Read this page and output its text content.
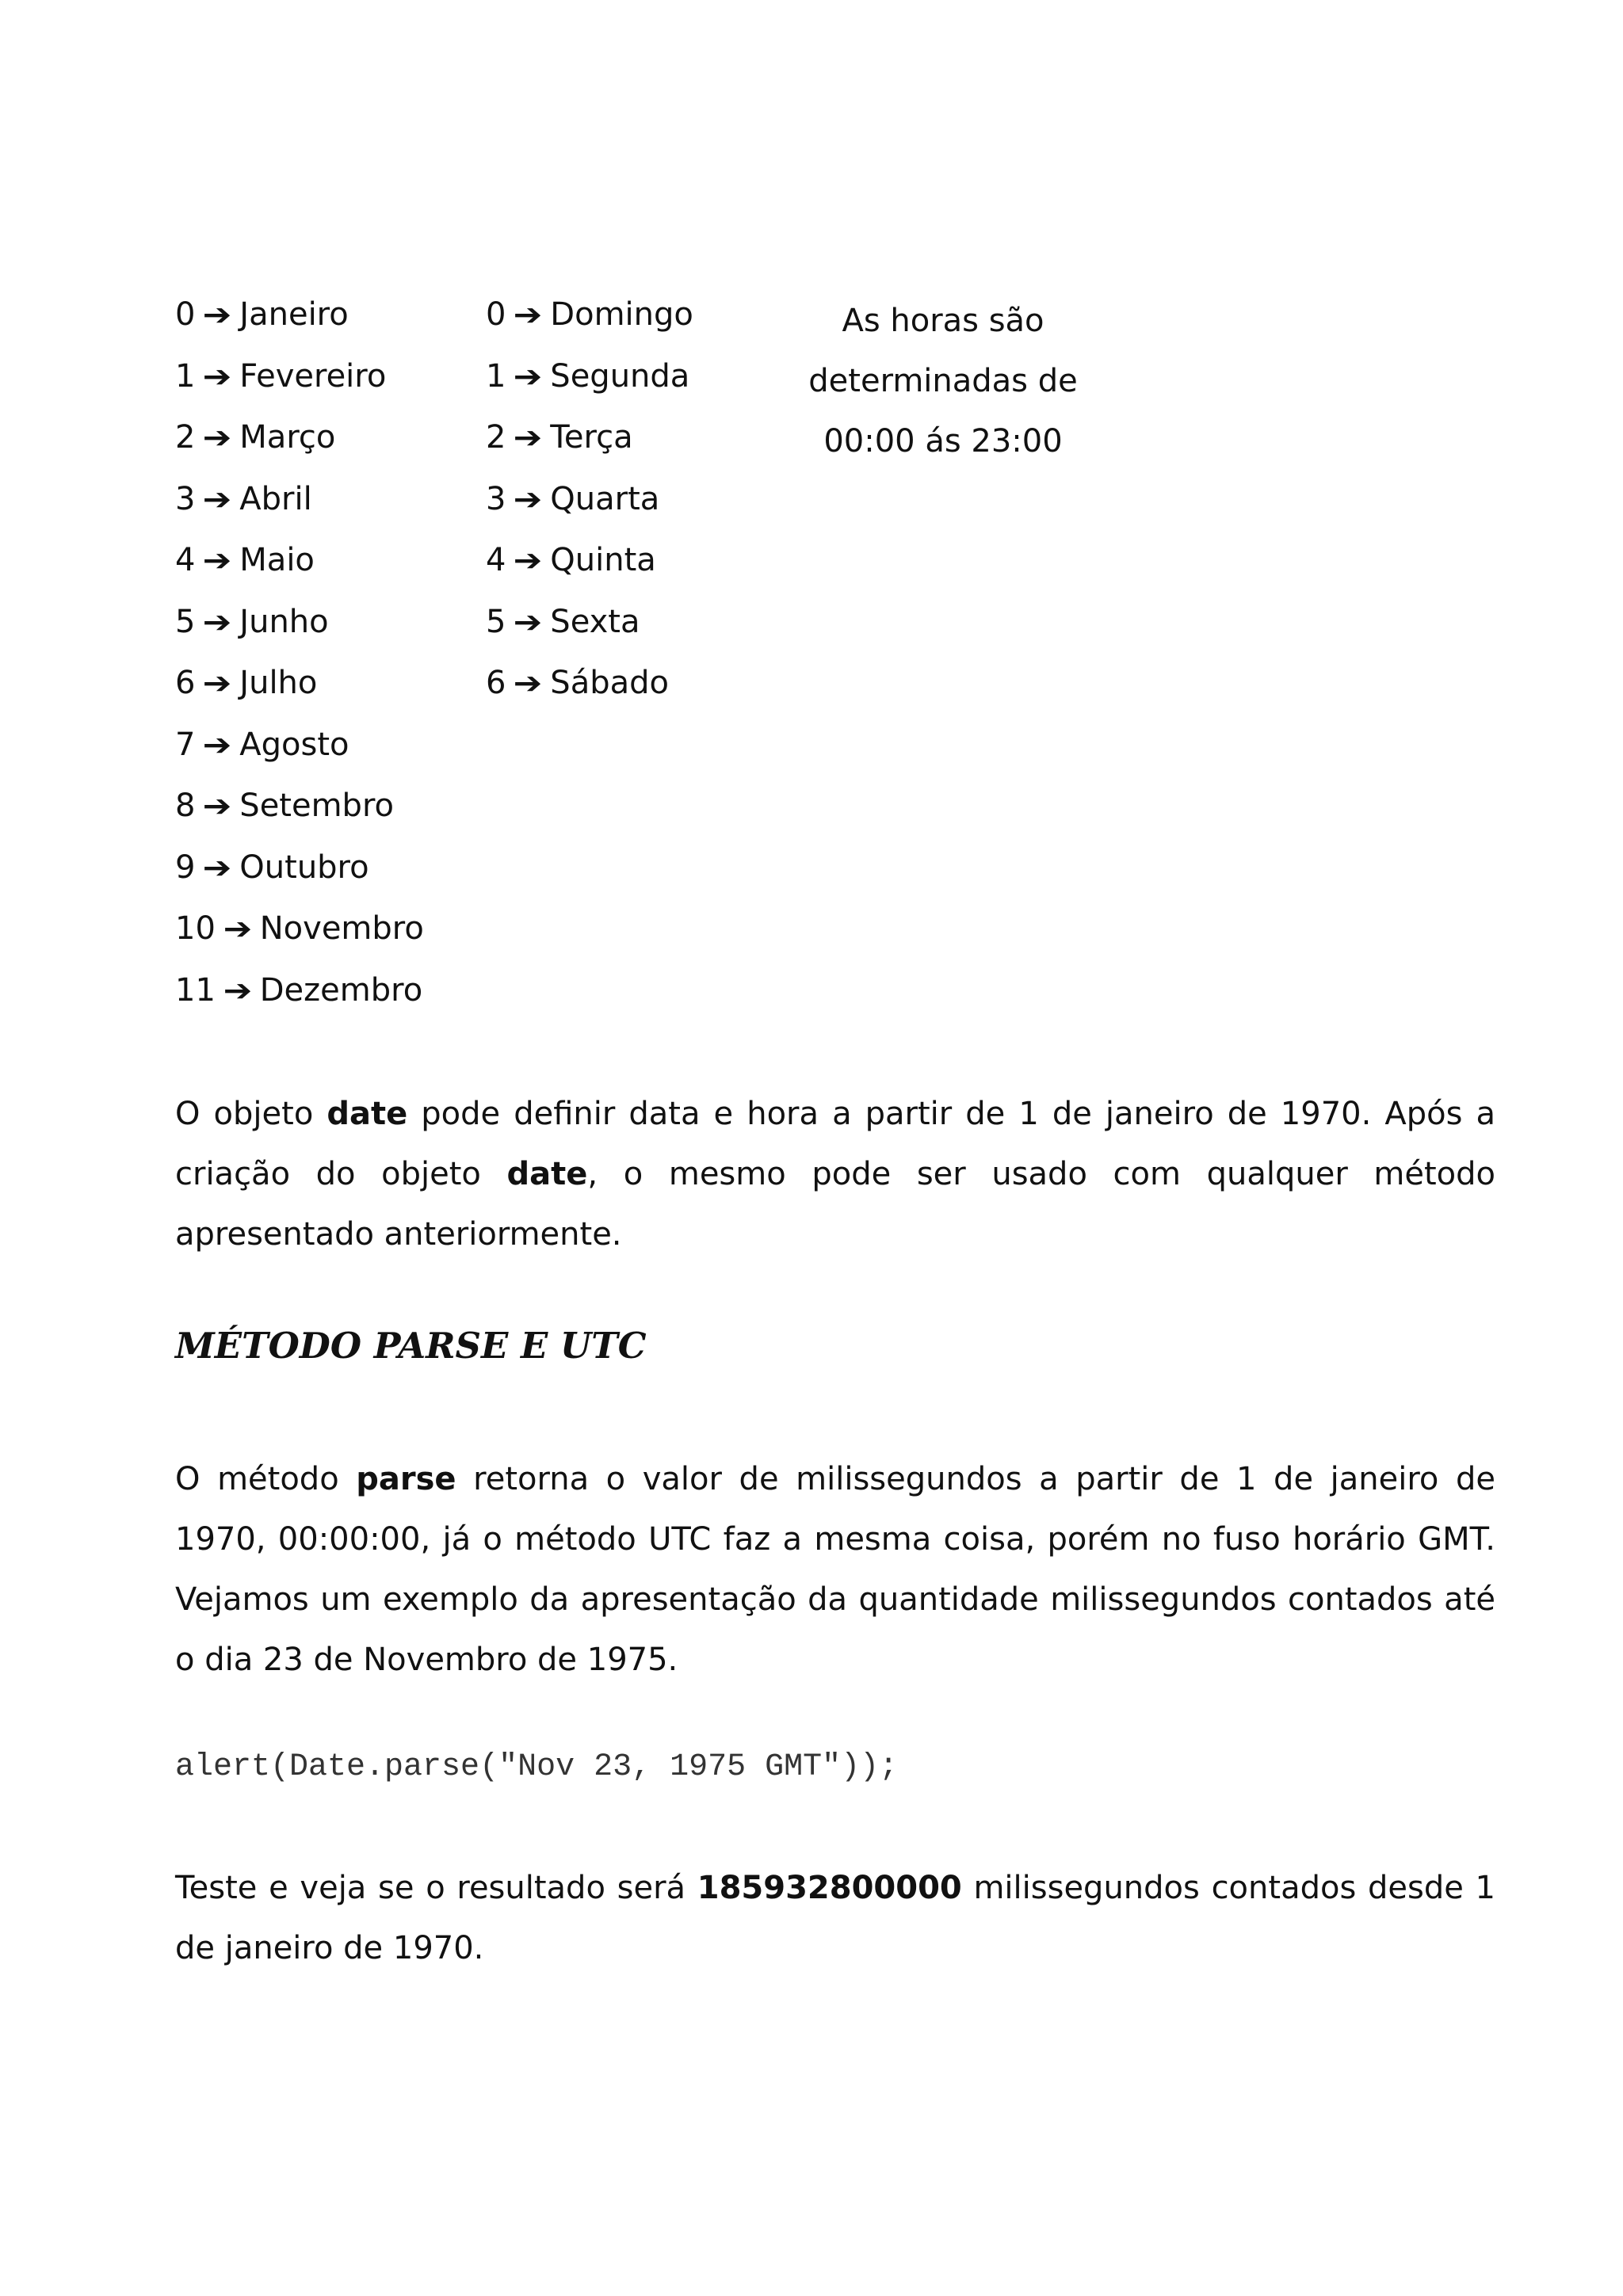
0 ➔ Janeiro
1 ➔ Fevereiro
2 ➔ Março
3 ➔ Abril
4 ➔ Maio
5 ➔ Junho
6 ➔ Julho
7 ➔ Agosto
8 ➔ Setembro
9 ➔ Outubro
10 ➔ Novembro
11 ➔ Dezembro
0 ➔ Domingo
1 ➔ Segunda
2 ➔ Terça
3 ➔ Quarta
4 ➔ Quinta
5 ➔ Sexta
6 ➔ Sábado
As horas são
determinadas de
00:00 ás 23:00

O objeto date pode definir data e hora a partir de 1 de janeiro de 1970. Após a criação do objeto date, o mesmo pode ser usado com qualquer método apresentado anteriormente.

MÉTODO PARSE E UTC

O método parse retorna o valor de milissegundos a partir de 1 de janeiro de 1970, 00:00:00, já o método UTC faz a mesma coisa, porém no fuso horário GMT. Vejamos um exemplo da apresentação da quantidade milissegundos contados até o dia 23 de Novembro de 1975.

alert(Date.parse("Nov 23, 1975 GMT"));

Teste e veja se o resultado será 185932800000 milissegundos contados desde 1 de janeiro de 1970.
